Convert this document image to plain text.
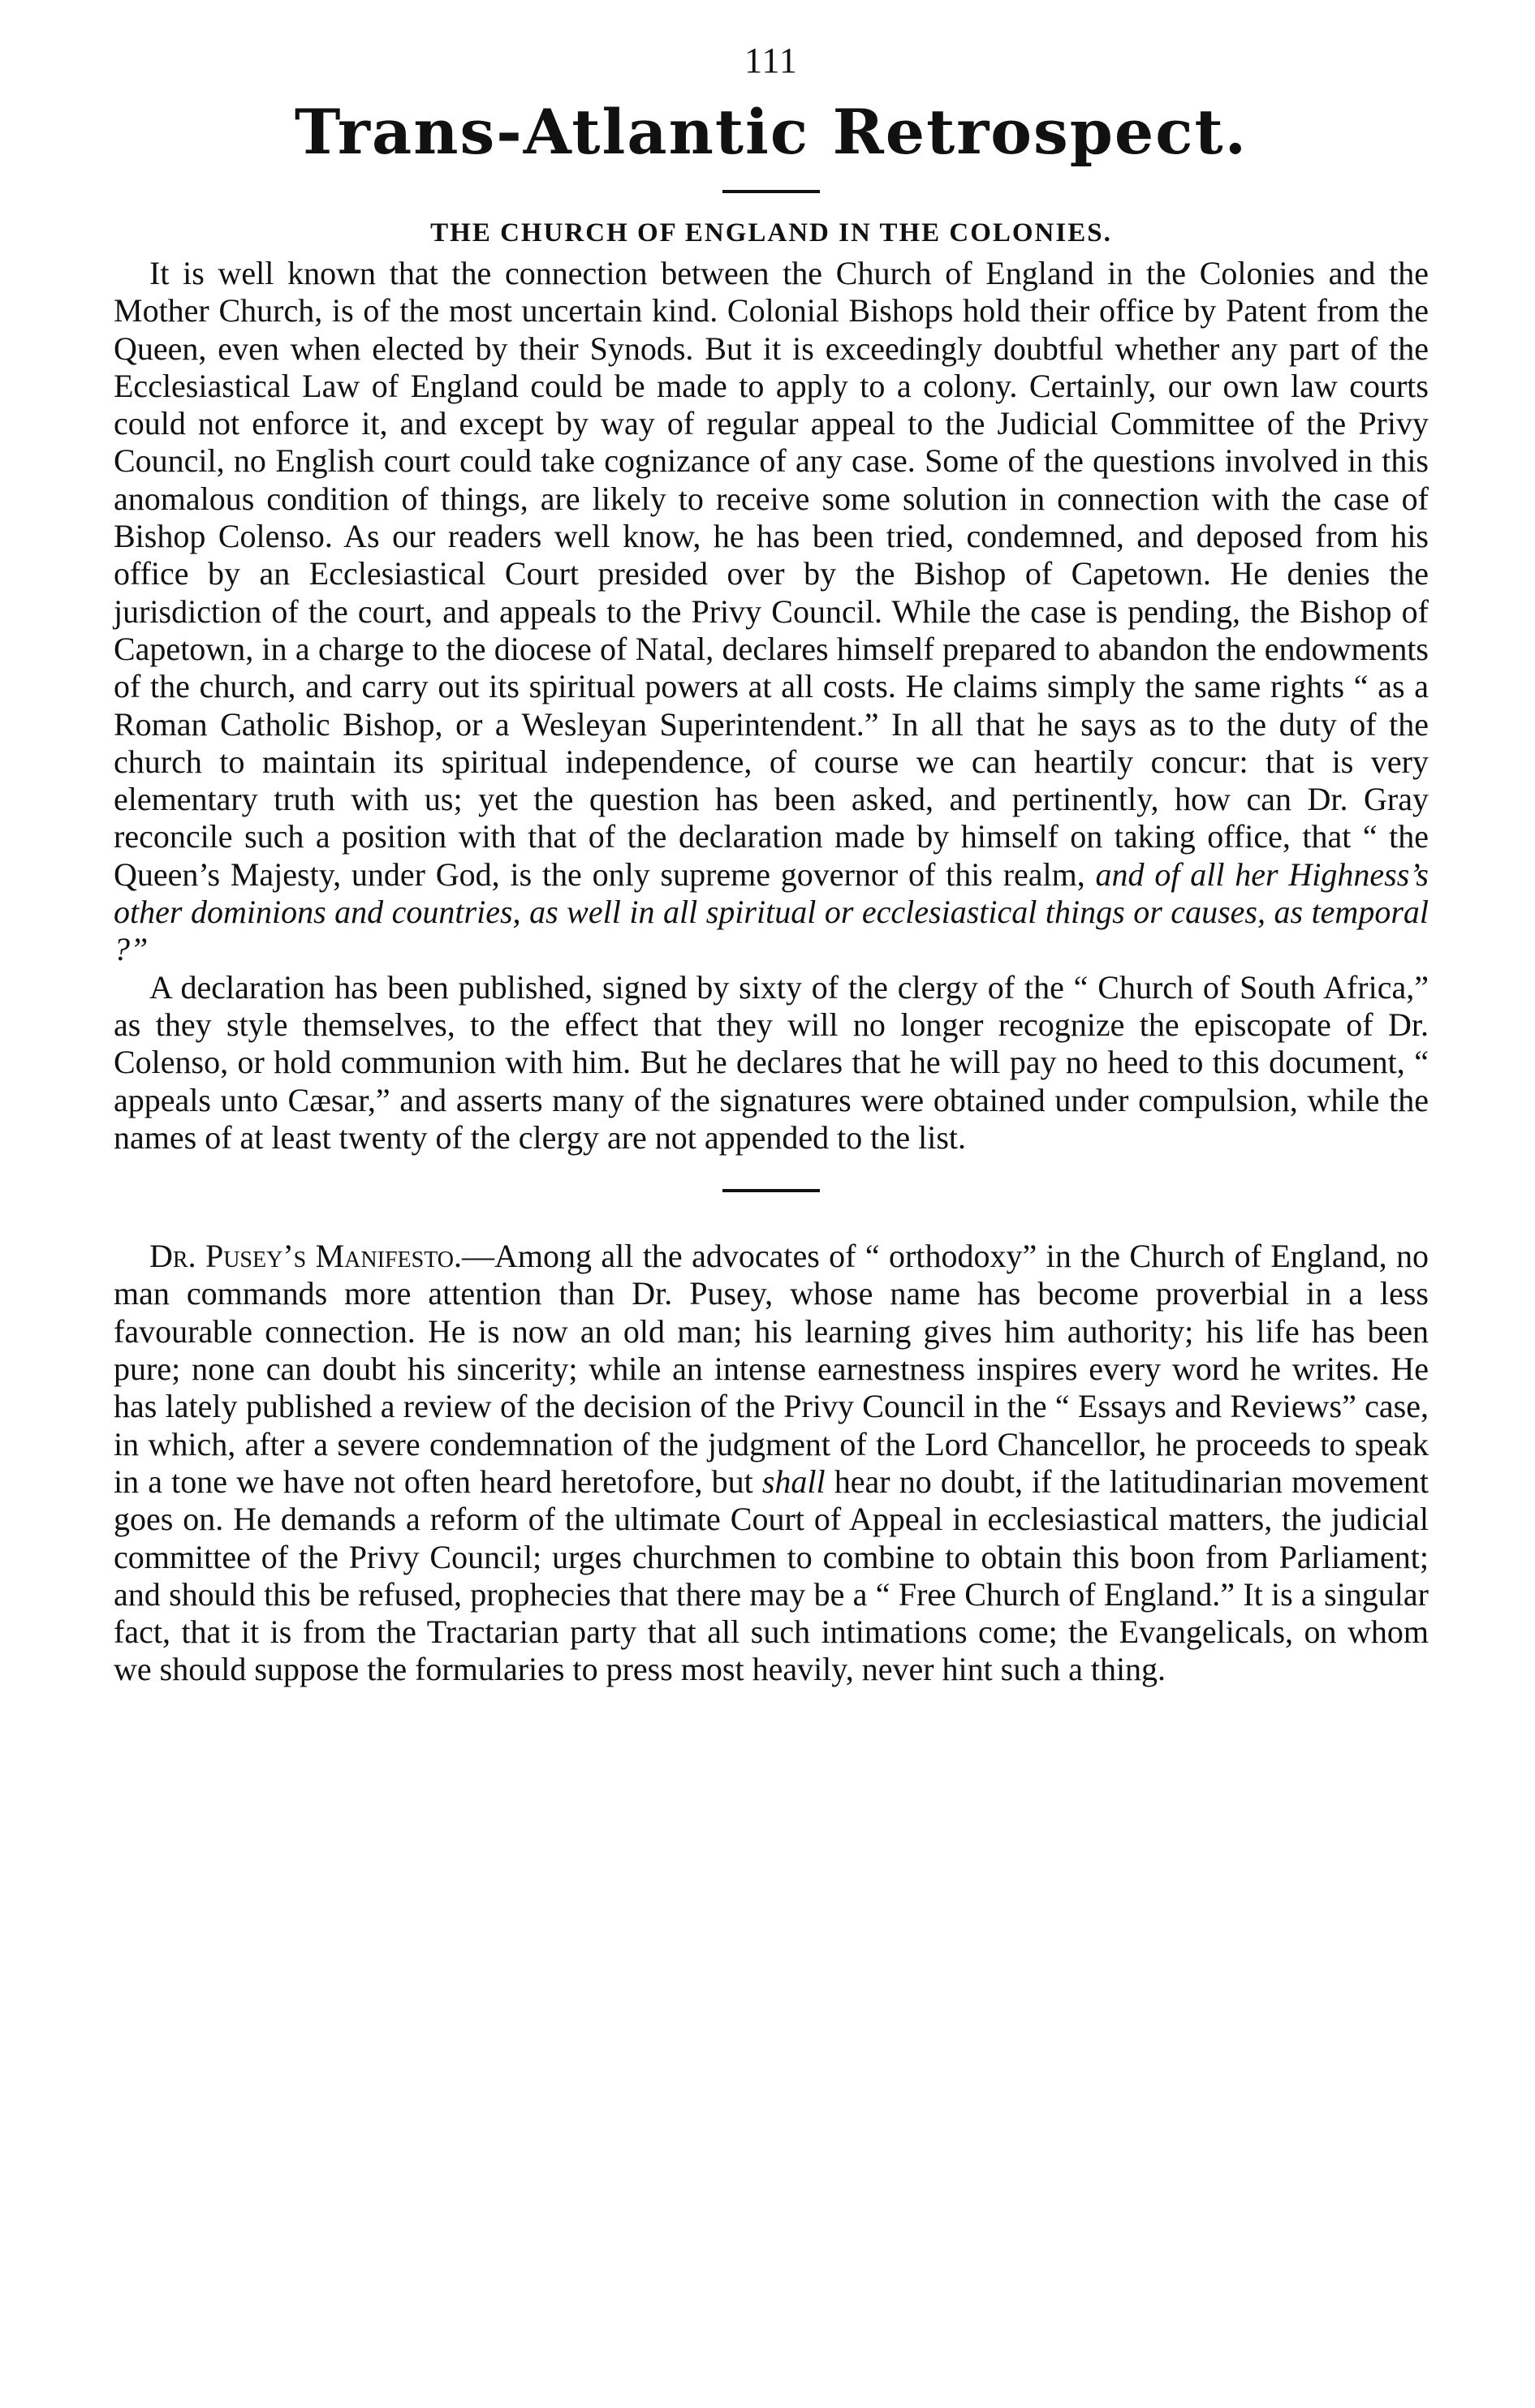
111
Trans-Atlantic Retrospect.
THE CHURCH OF ENGLAND IN THE COLONIES.

It is well known that the connection between the Church of England in the Colonies and the Mother Church, is of the most uncertain kind. Colonial Bishops hold their office by Patent from the Queen, even when elected by their Synods. But it is exceedingly doubtful whether any part of the Ecclesiastical Law of England could be made to apply to a colony. Certainly, our own law courts could not enforce it, and except by way of regular appeal to the Judicial Committee of the Privy Council, no English court could take cognizance of any case. Some of the questions involved in this anomalous condition of things, are likely to receive some solution in connection with the case of Bishop Colenso. As our readers well know, he has been tried, condemned, and deposed from his office by an Ecclesiastical Court presided over by the Bishop of Capetown. He denies the jurisdiction of the court, and appeals to the Privy Council. While the case is pending, the Bishop of Capetown, in a charge to the diocese of Natal, declares himself prepared to abandon the endowments of the church, and carry out its spiritual powers at all costs. He claims simply the same rights “ as a Roman Catholic Bishop, or a Wesleyan Superintendent.” In all that he says as to the duty of the church to maintain its spiritual independence, of course we can heartily concur: that is very elementary truth with us; yet the question has been asked, and pertinently, how can Dr. Gray reconcile such a position with that of the declaration made by himself on taking office, that “ the Queen’s Majesty, under God, is the only supreme governor of this realm, and of all her Highness’s other dominions and countries, as well in all spiritual or ecclesiastical things or causes, as temporal ?”

A declaration has been published, signed by sixty of the clergy of the “ Church of South Africa,” as they style themselves, to the effect that they will no longer recognize the episcopate of Dr. Colenso, or hold communion with him. But he declares that he will pay no heed to this document, “ appeals unto Cæsar,” and asserts many of the signatures were obtained under compulsion, while the names of at least twenty of the clergy are not appended to the list.

Dr. Pusey’s Manifesto.—Among all the advocates of “ orthodoxy” in the Church of England, no man commands more attention than Dr. Pusey, whose name has become proverbial in a less favourable connection. He is now an old man; his learning gives him authority; his life has been pure; none can doubt his sincerity; while an intense earnestness inspires every word he writes. He has lately published a review of the decision of the Privy Council in the “ Essays and Reviews” case, in which, after a severe condemnation of the judgment of the Lord Chancellor, he proceeds to speak in a tone we have not often heard heretofore, but shall hear no doubt, if the latitudinarian movement goes on. He demands a reform of the ultimate Court of Appeal in ecclesiastical matters, the judicial committee of the Privy Council; urges churchmen to combine to obtain this boon from Parliament; and should this be refused, prophecies that there may be a “ Free Church of England.” It is a singular fact, that it is from the Tractarian party that all such intimations come; the Evangelicals, on whom we should suppose the formularies to press most heavily, never hint such a thing.
